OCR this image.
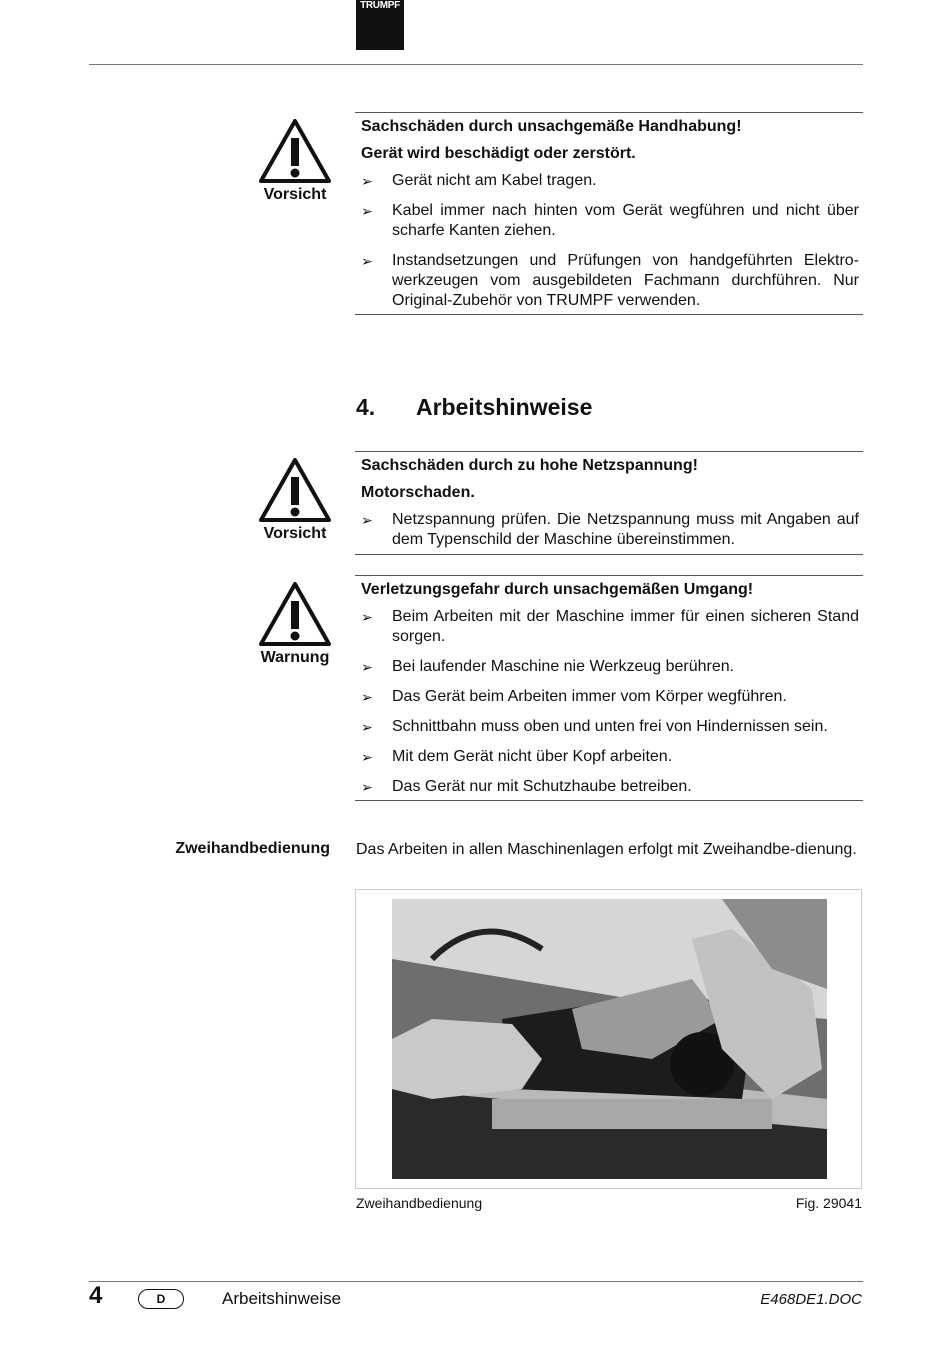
TRUMPF
Vorsicht
Sachschäden durch unsachgemäße Handhabung!
Gerät wird beschädigt oder zerstört.
➢ Gerät nicht am Kabel tragen.
➢ Kabel immer nach hinten vom Gerät wegführen und nicht über scharfe Kanten ziehen.
➢ Instandsetzungen und Prüfungen von handgeführten Elektro-werkzeugen vom ausgebildeten Fachmann durchführen. Nur Original-Zubehör von TRUMPF verwenden.
4. Arbeitshinweise
Vorsicht
Sachschäden durch zu hohe Netzspannung!
Motorschaden.
➢ Netzspannung prüfen. Die Netzspannung muss mit Angaben auf dem Typenschild der Maschine übereinstimmen.
Warnung
Verletzungsgefahr durch unsachgemäßen Umgang!
➢ Beim Arbeiten mit der Maschine immer für einen sicheren Stand sorgen.
➢ Bei laufender Maschine nie Werkzeug berühren.
➢ Das Gerät beim Arbeiten immer vom Körper wegführen.
➢ Schnittbahn muss oben und unten frei von Hindernissen sein.
➢ Mit dem Gerät nicht über Kopf arbeiten.
➢ Das Gerät nur mit Schutzhaube betreiben.
Zweihandbedienung Das Arbeiten in allen Maschinenlagen erfolgt mit Zweihandbe-dienung.
Zweihandbedienung	Fig. 29041
4	D	Arbeitshinweise	E468DE1.DOC
